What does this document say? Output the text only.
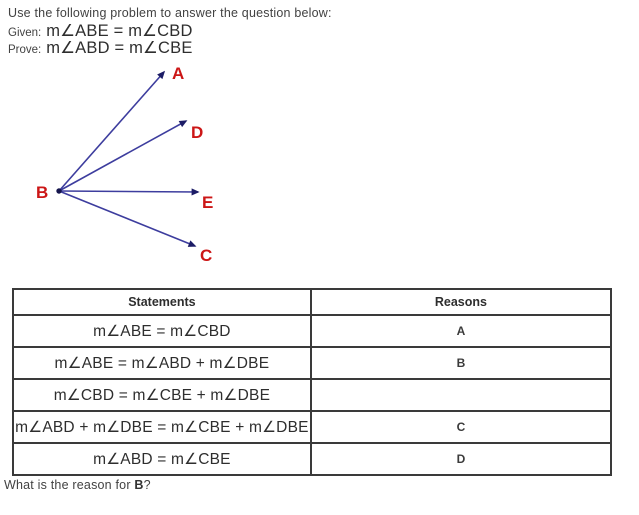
Use the following problem to answer the question below:
Given: m∠ABE = m∠CBD
Prove: m∠ABD = m∠CBE
B
A
D
E
C
Statements	Reasons
m∠ABE = m∠CBD	A
m∠ABE = m∠ABD + m∠DBE	B
m∠CBD = m∠CBE + m∠DBE	
m∠ABD + m∠DBE = m∠CBE + m∠DBE	C
m∠ABD = m∠CBE	D
What is the reason for B?
